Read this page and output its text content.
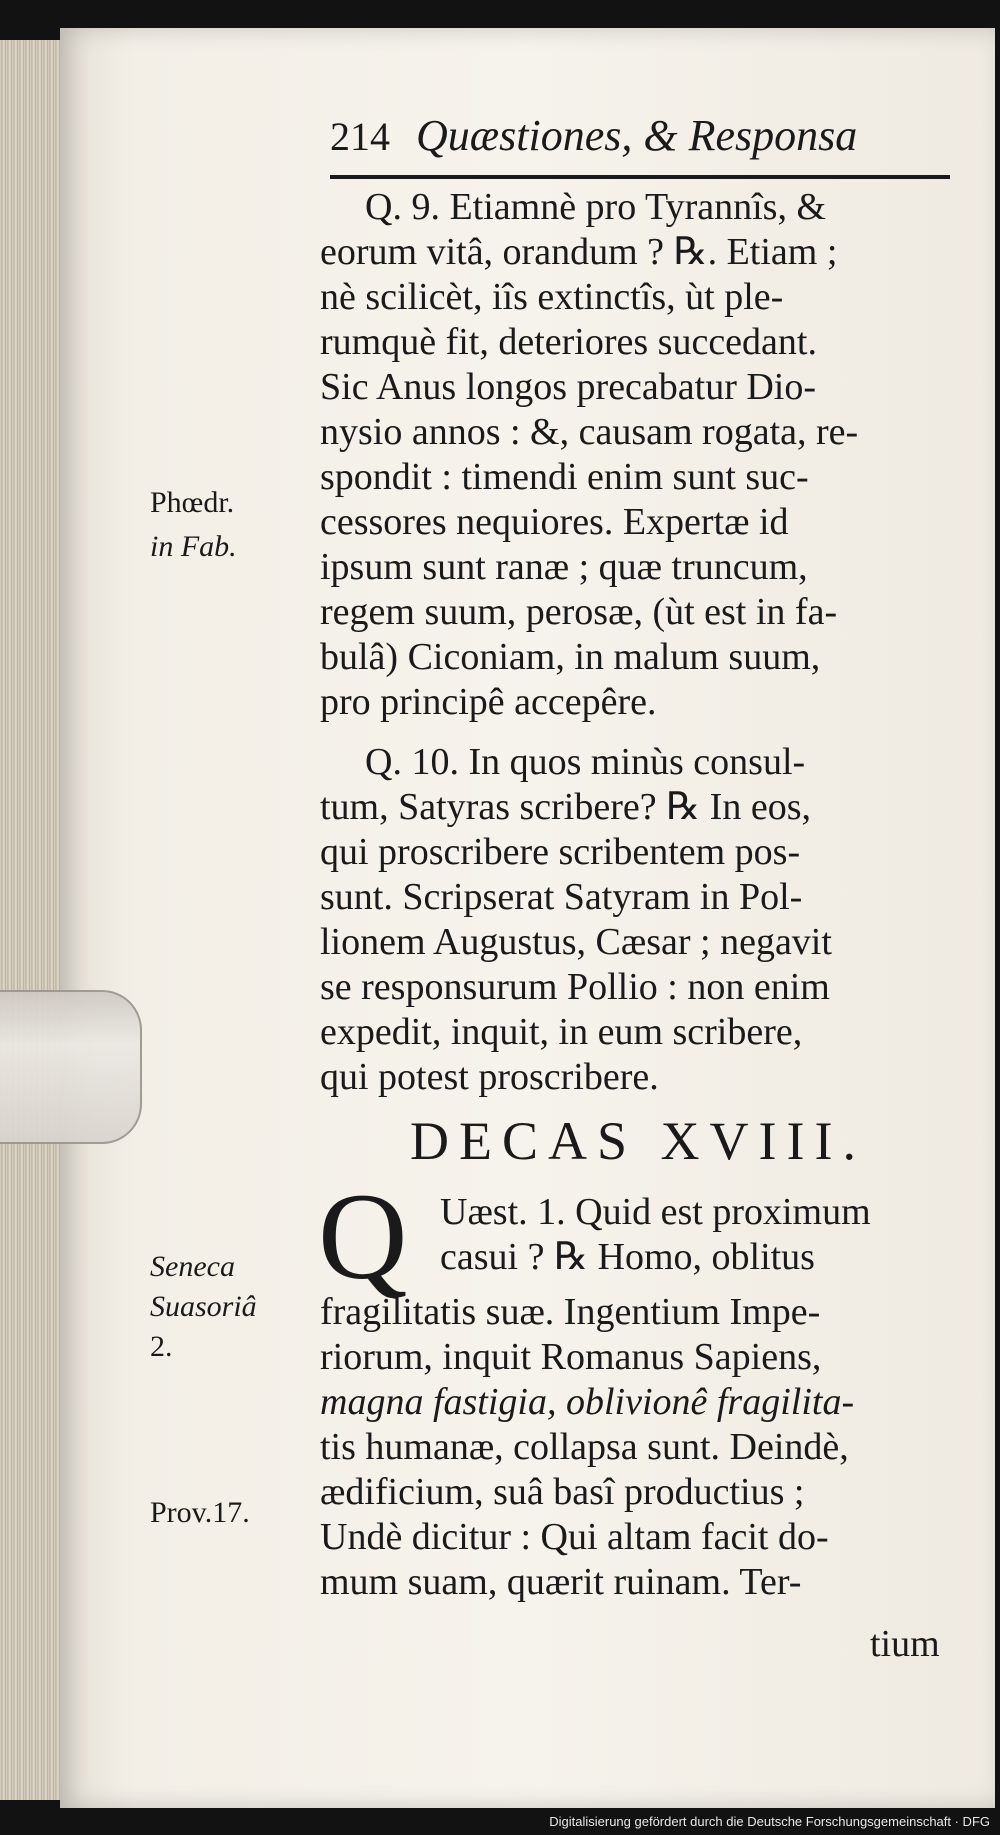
214 Quæstiones, & Responsa
Phœdr.
in Fab.
Seneca
Suasoriâ
2.
Prov.17.
Q. 9. Etiamnè pro Tyrannîs, &
eorum vitâ, orandum ? ℞. Etiam ;
nè scilicèt, iîs extinctîs, ùt ple-
rumquè fit, deteriores succedant.
Sic Anus longos precabatur Dio-
nysio annos : &, causam rogata, re-
spondit : timendi enim sunt suc-
cessores nequiores. Expertæ id
ipsum sunt ranæ ; quæ truncum,
regem suum, perosæ, (ùt est in fa-
bulâ) Ciconiam, in malum suum,
pro principê accepêre.
Q. 10. In quos minùs consul-
tum, Satyras scribere? ℞ In eos,
qui proscribere scribentem pos-
sunt. Scripserat Satyram in Pol-
lionem Augustus, Cæsar ; negavit
se responsurum Pollio : non enim
expedit, inquit, in eum scribere,
qui potest proscribere.
DECAS XVIII.
Q Uæst. 1. Quid est proximum
casui ? ℞ Homo, oblitus
fragilitatis suæ. Ingentium Impe-
riorum, inquit Romanus Sapiens,
magna fastigia, oblivionê fragilita-
tis humanæ, collapsa sunt. Deindè,
ædificium, suâ basî productius ;
Undè dicitur : Qui altam facit do-
mum suam, quærit ruinam. Ter-
tium
Digitalisierung gefördert durch die Deutsche Forschungsgemeinschaft · DFG
